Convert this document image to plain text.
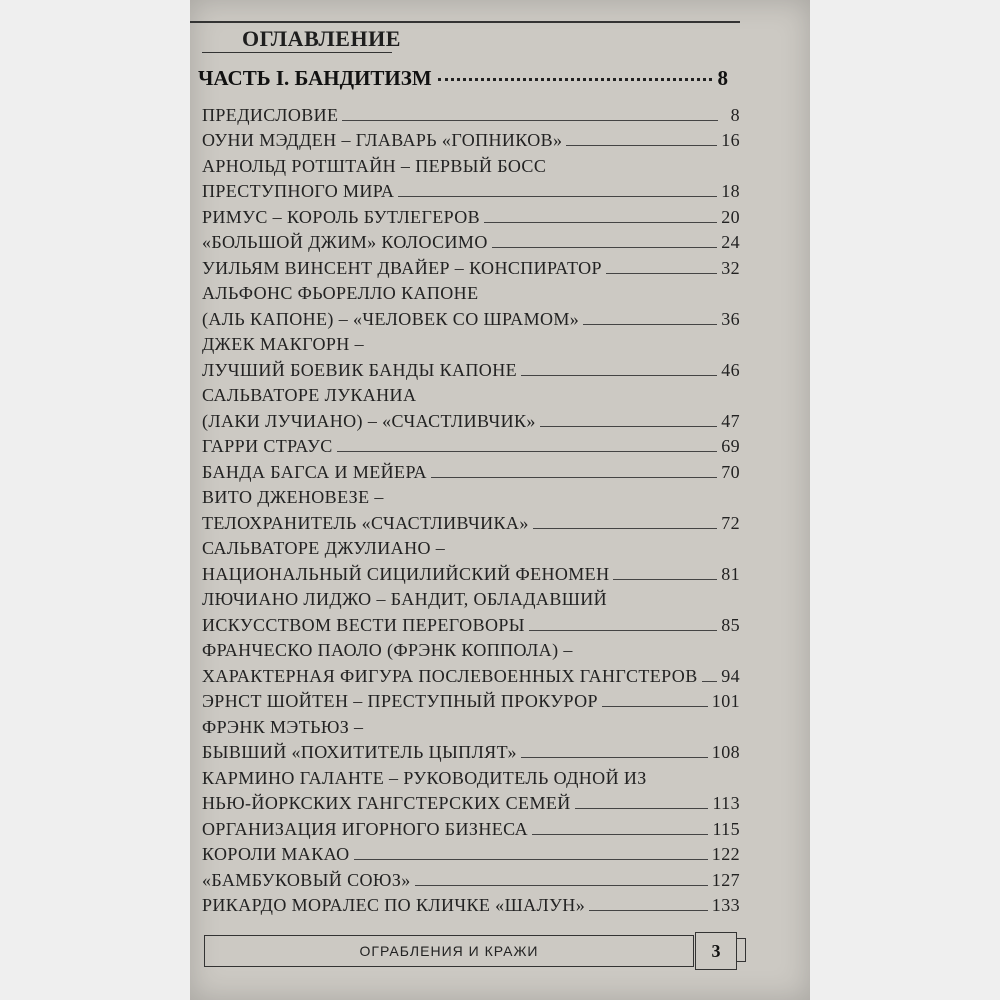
ОГЛАВЛЕНИЕ
ЧАСТЬ I. БАНДИТИЗМ	8
ПРЕДИСЛОВИЕ	8
ОУНИ МЭДДЕН – ГЛАВАРЬ «ГОПНИКОВ»	16
АРНОЛЬД РОТШТАЙН – ПЕРВЫЙ БОСС
ПРЕСТУПНОГО МИРА	18
РИМУС – КОРОЛЬ БУТЛЕГЕРОВ	20
«БОЛЬШОЙ ДЖИМ» КОЛОСИМО	24
УИЛЬЯМ ВИНСЕНТ ДВАЙЕР – КОНСПИРАТОР	32
АЛЬФОНС ФЬОРЕЛЛО КАПОНЕ
(АЛЬ КАПОНЕ) – «ЧЕЛОВЕК СО ШРАМОМ»	36
ДЖЕК МАКГОРН –
ЛУЧШИЙ БОЕВИК БАНДЫ КАПОНЕ	46
САЛЬВАТОРЕ ЛУКАНИА
(ЛАКИ ЛУЧИАНО) – «СЧАСТЛИВЧИК»	47
ГАРРИ СТРАУС	69
БАНДА БАГСА И МЕЙЕРА	70
ВИТО ДЖЕНОВЕЗЕ –
ТЕЛОХРАНИТЕЛЬ «СЧАСТЛИВЧИКА»	72
САЛЬВАТОРЕ ДЖУЛИАНО –
НАЦИОНАЛЬНЫЙ СИЦИЛИЙСКИЙ ФЕНОМЕН	81
ЛЮЧИАНО ЛИДЖО – БАНДИТ, ОБЛАДАВШИЙ
ИСКУССТВОМ ВЕСТИ ПЕРЕГОВОРЫ	85
ФРАНЧЕСКО ПАОЛО (ФРЭНК КОППОЛА) –
ХАРАКТЕРНАЯ ФИГУРА ПОСЛЕВОЕННЫХ ГАНГСТЕРОВ 94
ЭРНСТ ШОЙТЕН – ПРЕСТУПНЫЙ ПРОКУРОР	101
ФРЭНК МЭТЬЮЗ –
БЫВШИЙ «ПОХИТИТЕЛЬ ЦЫПЛЯТ»	108
КАРМИНО ГАЛАНТЕ – РУКОВОДИТЕЛЬ ОДНОЙ ИЗ
НЬЮ-ЙОРКСКИХ ГАНГСТЕРСКИХ СЕМЕЙ	113
ОРГАНИЗАЦИЯ ИГОРНОГО БИЗНЕСА	115
КОРОЛИ МАКАО	122
«БАМБУКОВЫЙ СОЮЗ»	127
РИКАРДО МОРАЛЕС ПО КЛИЧКЕ «ШАЛУН»	133
ОГРАБЛЕНИЯ И КРАЖИ	3
